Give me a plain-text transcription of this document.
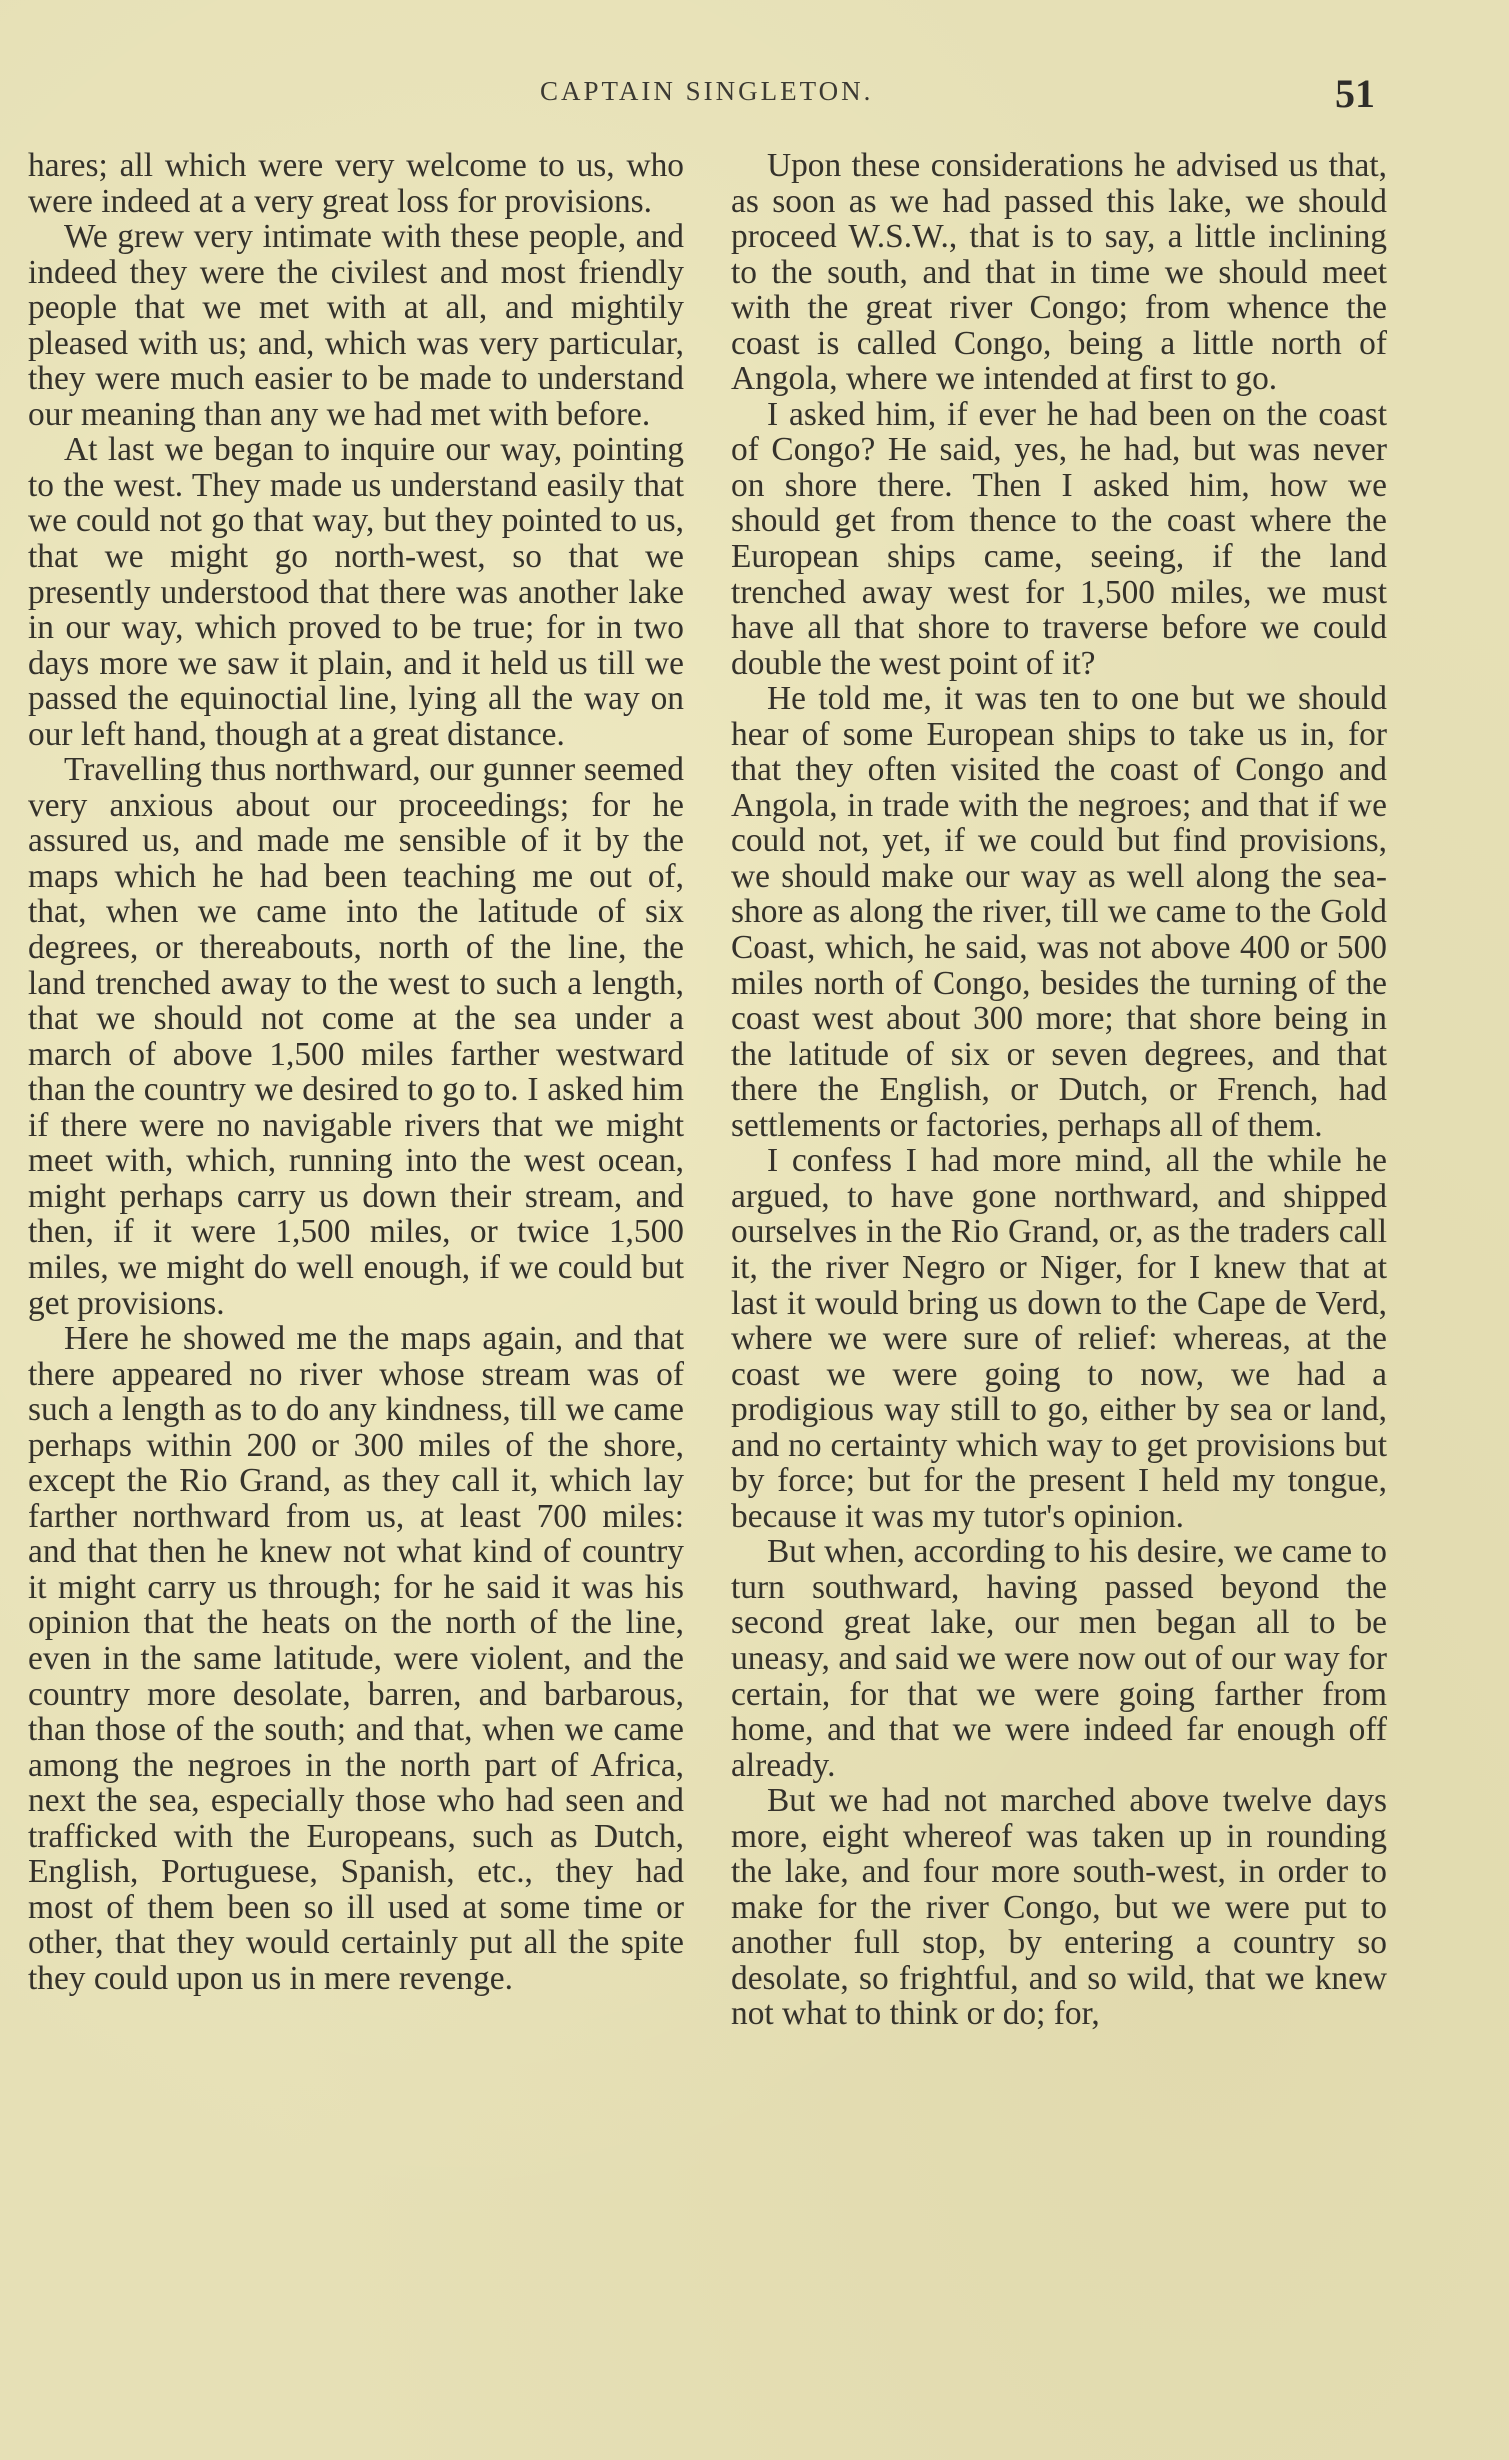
CAPTAIN SINGLETON.	51

hares; all which were very welcome to us, who were indeed at a very great loss for provisions.

We grew very intimate with these people, and indeed they were the civilest and most friendly people that we met with at all, and mightily pleased with us; and, which was very particular, they were much easier to be made to understand our meaning than any we had met with before.

At last we began to inquire our way, pointing to the west. They made us understand easily that we could not go that way, but they pointed to us, that we might go north-west, so that we presently understood that there was another lake in our way, which proved to be true; for in two days more we saw it plain, and it held us till we passed the equinoctial line, lying all the way on our left hand, though at a great distance.

Travelling thus northward, our gunner seemed very anxious about our proceedings; for he assured us, and made me sensible of it by the maps which he had been teaching me out of, that, when we came into the latitude of six degrees, or thereabouts, north of the line, the land trenched away to the west to such a length, that we should not come at the sea under a march of above 1,500 miles farther westward than the country we desired to go to. I asked him if there were no navigable rivers that we might meet with, which, running into the west ocean, might perhaps carry us down their stream, and then, if it were 1,500 miles, or twice 1,500 miles, we might do well enough, if we could but get provisions.

Here he showed me the maps again, and that there appeared no river whose stream was of such a length as to do any kindness, till we came perhaps within 200 or 300 miles of the shore, except the Rio Grand, as they call it, which lay farther northward from us, at least 700 miles: and that then he knew not what kind of country it might carry us through; for he said it was his opinion that the heats on the north of the line, even in the same latitude, were violent, and the country more desolate, barren, and barbarous, than those of the south; and that, when we came among the negroes in the north part of Africa, next the sea, especially those who had seen and trafficked with the Europeans, such as Dutch, English, Portuguese, Spanish, etc., they had most of them been so ill used at some time or other, that they would certainly put all the spite they could upon us in mere revenge.

Upon these considerations he advised us that, as soon as we had passed this lake, we should proceed W.S.W., that is to say, a little inclining to the south, and that in time we should meet with the great river Congo; from whence the coast is called Congo, being a little north of Angola, where we intended at first to go.

I asked him, if ever he had been on the coast of Congo? He said, yes, he had, but was never on shore there. Then I asked him, how we should get from thence to the coast where the European ships came, seeing, if the land trenched away west for 1,500 miles, we must have all that shore to traverse before we could double the west point of it?

He told me, it was ten to one but we should hear of some European ships to take us in, for that they often visited the coast of Congo and Angola, in trade with the negroes; and that if we could not, yet, if we could but find provisions, we should make our way as well along the sea-shore as along the river, till we came to the Gold Coast, which, he said, was not above 400 or 500 miles north of Congo, besides the turning of the coast west about 300 more; that shore being in the latitude of six or seven degrees, and that there the English, or Dutch, or French, had settlements or factories, perhaps all of them.

I confess I had more mind, all the while he argued, to have gone northward, and shipped ourselves in the Rio Grand, or, as the traders call it, the river Negro or Niger, for I knew that at last it would bring us down to the Cape de Verd, where we were sure of relief: whereas, at the coast we were going to now, we had a prodigious way still to go, either by sea or land, and no certainty which way to get provisions but by force; but for the present I held my tongue, because it was my tutor's opinion.

But when, according to his desire, we came to turn southward, having passed beyond the second great lake, our men began all to be uneasy, and said we were now out of our way for certain, for that we were going farther from home, and that we were indeed far enough off already.

But we had not marched above twelve days more, eight whereof was taken up in rounding the lake, and four more south-west, in order to make for the river Congo, but we were put to another full stop, by entering a country so desolate, so frightful, and so wild, that we knew not what to think or do; for,
